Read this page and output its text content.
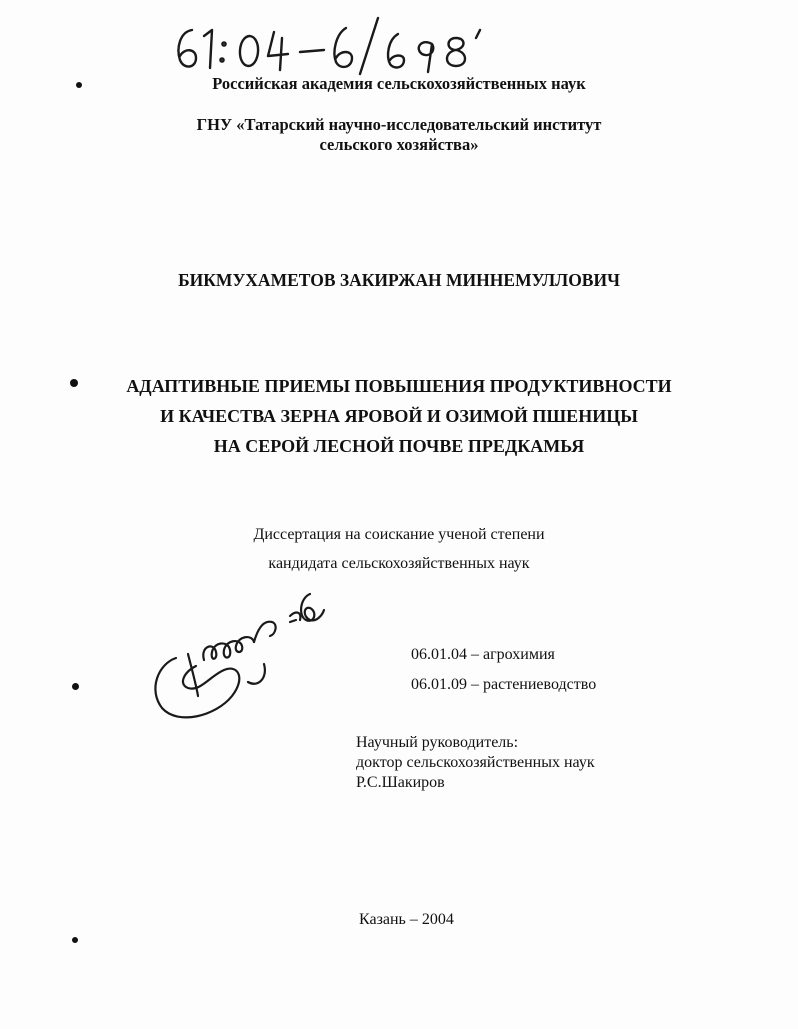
Российская академия сельскохозяйственных наук
ГНУ «Татарский научно-исследовательский институт
сельского хозяйства»
БИКМУХАМЕТОВ ЗАКИРЖАН МИННЕМУЛЛОВИЧ
АДАПТИВНЫЕ ПРИЕМЫ ПОВЫШЕНИЯ ПРОДУКТИВНОСТИ
И КАЧЕСТВА ЗЕРНА ЯРОВОЙ И ОЗИМОЙ ПШЕНИЦЫ
НА СЕРОЙ ЛЕСНОЙ ПОЧВЕ ПРЕДКАМЬЯ
Диссертация на соискание ученой степени
кандидата сельскохозяйственных наук
06.01.04 – агрохимия
06.01.09 – растениеводство
Научный руководитель:
доктор сельскохозяйственных наук
Р.С.Шакиров
Казань – 2004
